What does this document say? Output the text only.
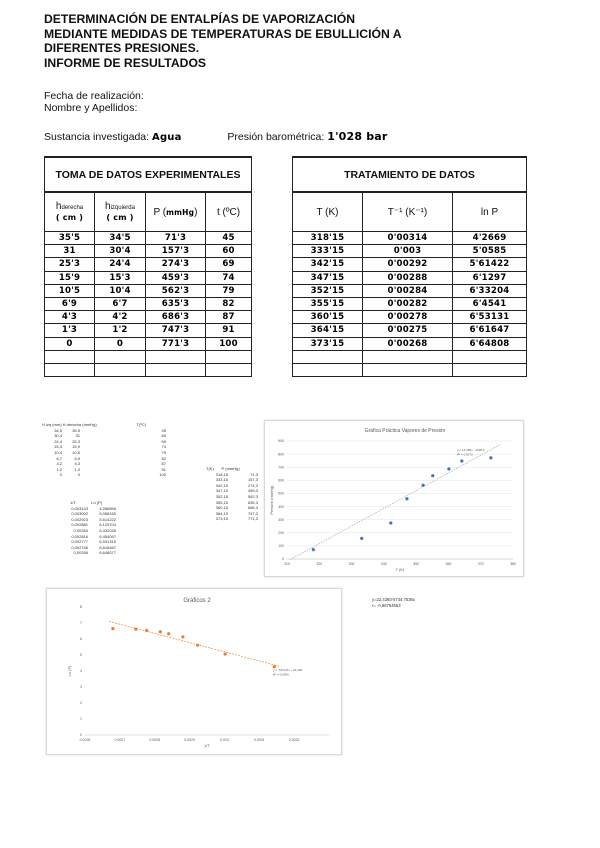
DETERMINACIÓN DE ENTALPÍAS DE VAPORIZACIÓN
MEDIANTE MEDIDAS DE TEMPERATURAS DE EBULLICIÓN A
DIFERENTES PRESIONES.
INFORME DE RESULTADOS
Fecha de realización:
Nombre y Apellidos:
Sustancia investigada: Agua	Presión barométrica: 1'028 bar
TOMA DE DATOS EXPERIMENTALES			
hderecha
( cm )	hizquierda
( cm )	P (mmHg)	t (ºC)
35'5	34'5	71'3	45
31	30'4	157'3	60
25'3	24'4	274'3	69
15'9	15'3	459'3	74
10'5	10'4	562'3	79
6'9	6'7	635'3	82
4'3	4'2	686'3	87
1'3	1'2	747'3	91
0	0	771'3	100

TRATAMIENTO DE DATOS		
T (K)	T⁻¹ (K⁻¹)	ln P
318'15	0'00314	4'2669
333'15	0'003	5'0585
342'15	0'00292	5'61422
347'15	0'00288	6'1297
352'15	0'00284	6'33204
355'15	0'00282	6'4541
360'15	0'00278	6'53131
364'15	0'00275	6'61647
373'15	0'00268	6'64808

H izq (mm) H derecha (mmHg)	T(ºC)
34,5	35,5	45
30,4	31	60
24,4	25,3	69
15,3	15,9	74
10,4	10,5	79
6,7	6,9	82
4,2	4,3	87
1,2	1,3	91
0	0	100
T(K)       P (mmHg)
318,15	71,3
333,15	157,3
342,15	274,3
347,15	459,3
352,15	562,3
355,15	635,3
360,15	686,3
364,15	747,3
373,15	771,3
1/T              Ln (P)
0,003143	4,266896
0,003002	5,058155
0,002923	5,614222
0,002881	6,129704
0,00284	6,332036
0,002816	6,454097
0,002777	6,531315
0,002746	6,616467
0,00268	6,648077
Gráfica Práctica Vapores de Presión
0
100
200
300
400
500
600
700
800
900
310	320	330	340	350	360	370	380
T (K)
Presión (mmHg)
y = 13,485x - 4198,4
R² = 0,9172
Gráficos 2
0
1
2
3
4
5
6
7
8
0.0026	0.0027	0.0028	0.0029	0.003	0.0031	0.0032
1/T
Ln (P)	y = -5474,8x + 22,436
R² = 0,9366
y=22,4360-5744,7536x
r= -0,96754563
